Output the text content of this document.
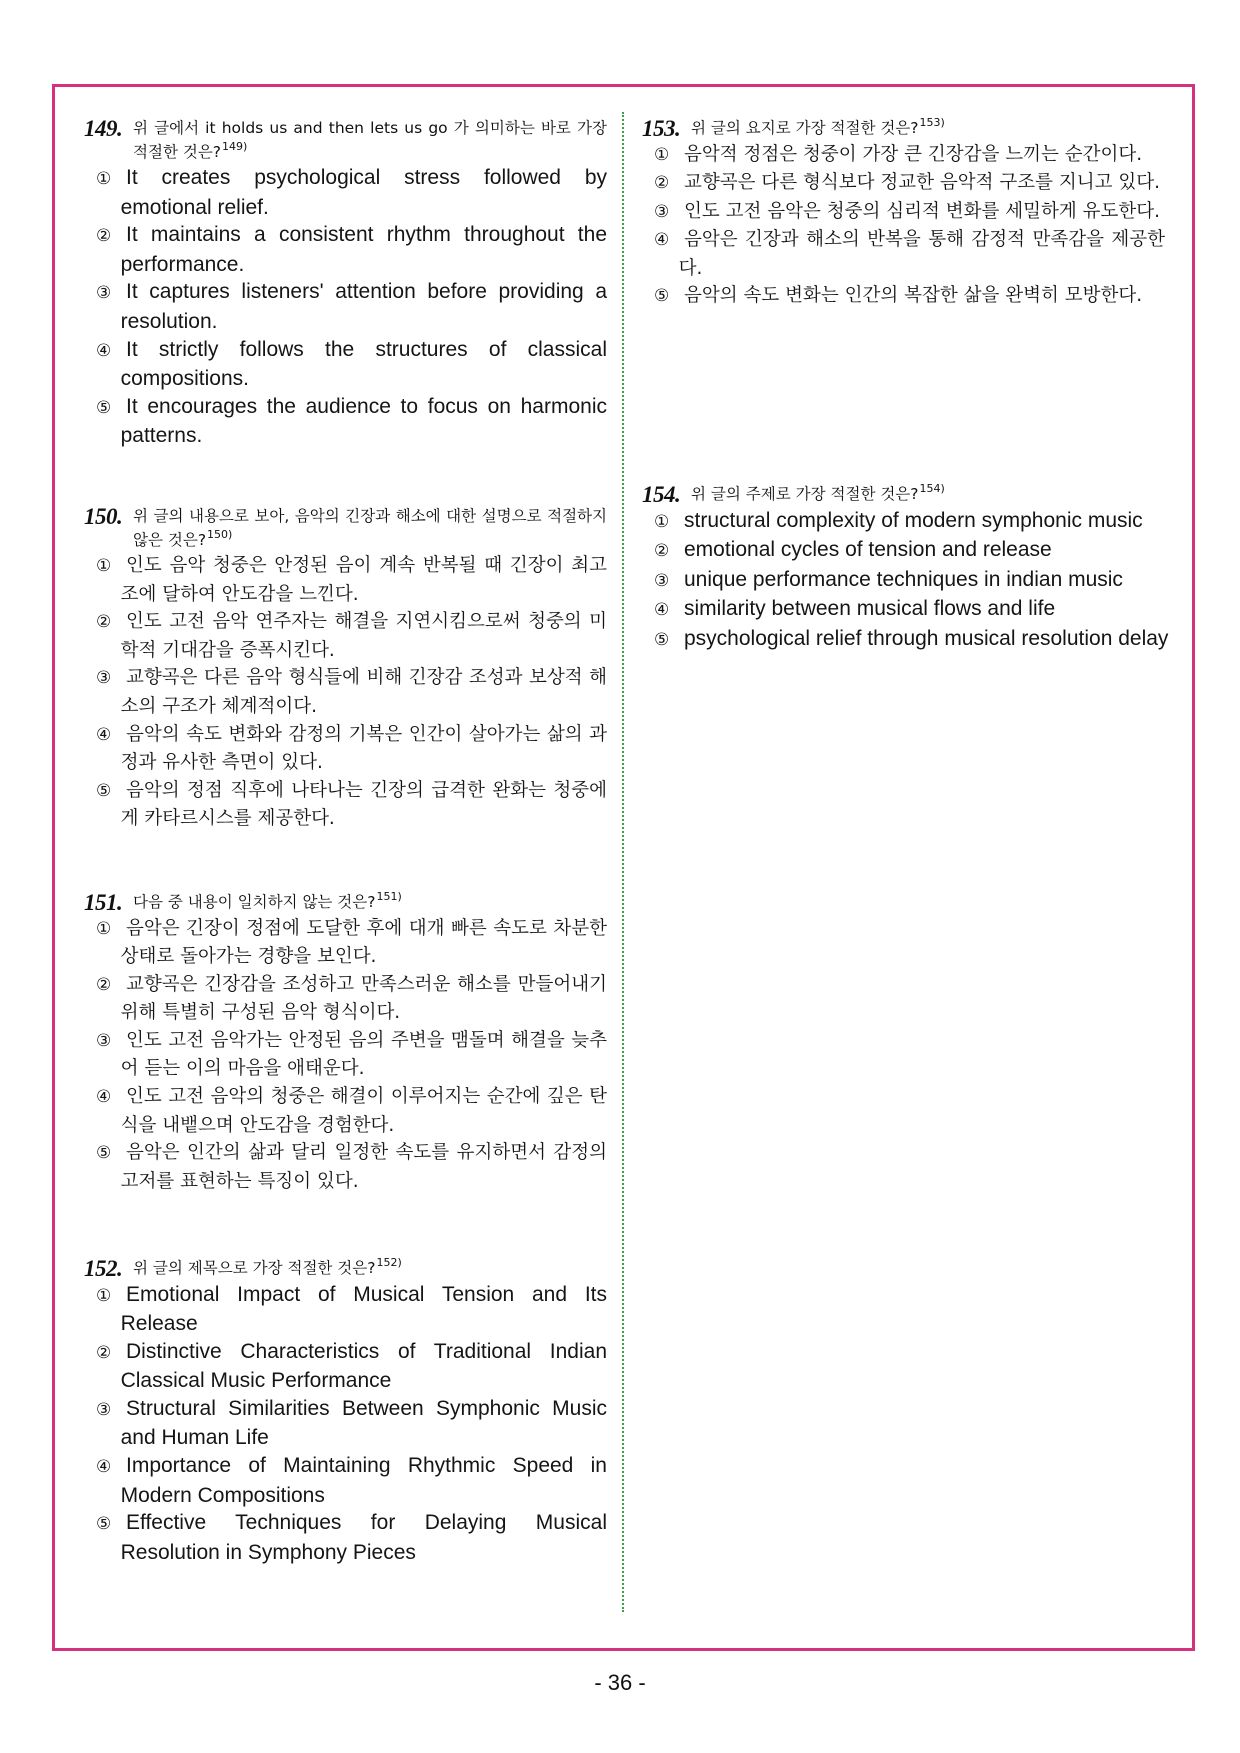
149. 위 글에서 it holds us and then lets us go 가 의미하는 바로 가장 적절한 것은?$^{149)}$
① It creates psychological stress followed by emotional relief.
② It maintains a consistent rhythm throughout the performance.
③ It captures listeners' attention before providing a resolution.
④ It strictly follows the structures of classical compositions.
⑤ It encourages the audience to focus on harmonic patterns.
150. 위 글의 내용으로 보아, 음악의 긴장과 해소에 대한 설명으로 적절하지 않은 것은?$^{150)}$
① 인도 음악 청중은 안정된 음이 계속 반복될 때 긴장이 최고조에 달하여 안도감을 느낀다.
② 인도 고전 음악 연주자는 해결을 지연시킴으로써 청중의 미학적 기대감을 증폭시킨다.
③ 교향곡은 다른 음악 형식들에 비해 긴장감 조성과 보상적 해소의 구조가 체계적이다.
④ 음악의 속도 변화와 감정의 기복은 인간이 살아가는 삶의 과정과 유사한 측면이 있다.
⑤ 음악의 정점 직후에 나타나는 긴장의 급격한 완화는 청중에게 카타르시스를 제공한다.
151. 다음 중 내용이 일치하지 않는 것은?$^{151)}$
① 음악은 긴장이 정점에 도달한 후에 대개 빠른 속도로 차분한 상태로 돌아가는 경향을 보인다.
② 교향곡은 긴장감을 조성하고 만족스러운 해소를 만들어내기 위해 특별히 구성된 음악 형식이다.
③ 인도 고전 음악가는 안정된 음의 주변을 맴돌며 해결을 늦추어 듣는 이의 마음을 애태운다.
④ 인도 고전 음악의 청중은 해결이 이루어지는 순간에 깊은 탄식을 내뱉으며 안도감을 경험한다.
⑤ 음악은 인간의 삶과 달리 일정한 속도를 유지하면서 감정의 고저를 표현하는 특징이 있다.
152. 위 글의 제목으로 가장 적절한 것은?$^{152)}$
① Emotional Impact of Musical Tension and Its Release
② Distinctive Characteristics of Traditional Indian Classical Music Performance
③ Structural Similarities Between Symphonic Music and Human Life
④ Importance of Maintaining Rhythmic Speed in Modern Compositions
⑤ Effective Techniques for Delaying Musical Resolution in Symphony Pieces
153. 위 글의 요지로 가장 적절한 것은?$^{153)}$
① 음악적 정점은 청중이 가장 큰 긴장감을 느끼는 순간이다.
② 교향곡은 다른 형식보다 정교한 음악적 구조를 지니고 있다.
③ 인도 고전 음악은 청중의 심리적 변화를 세밀하게 유도한다.
④ 음악은 긴장과 해소의 반복을 통해 감정적 만족감을 제공한다.
⑤ 음악의 속도 변화는 인간의 복잡한 삶을 완벽히 모방한다.
154. 위 글의 주제로 가장 적절한 것은?$^{154)}$
① structural complexity of modern symphonic music
② emotional cycles of tension and release
③ unique performance techniques in indian music
④ similarity between musical flows and life
⑤ psychological relief through musical resolution delay
- 36 -
